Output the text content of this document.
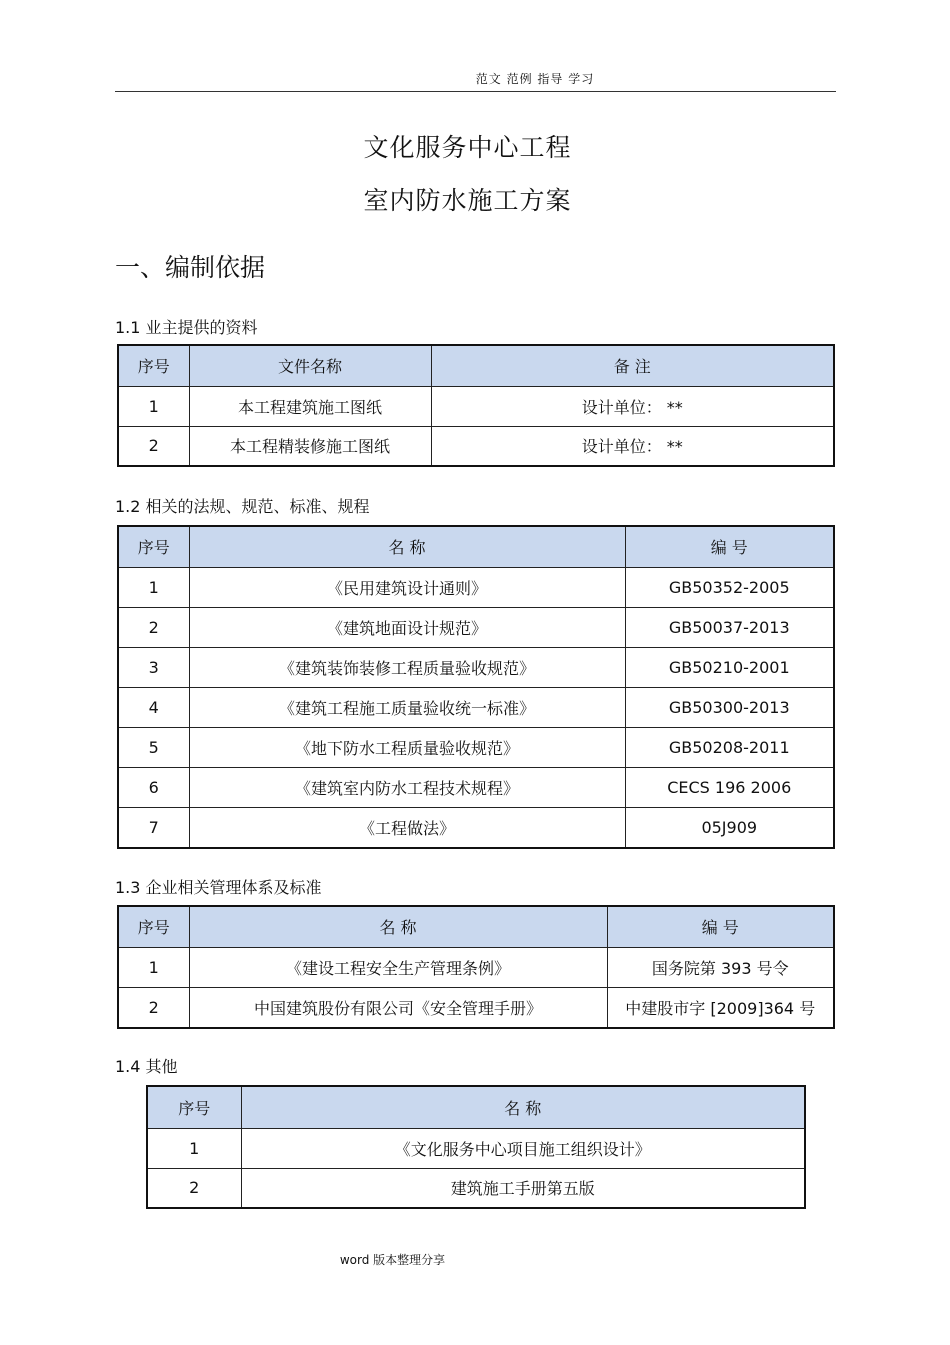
范文 范例 指导 学习
文化服务中心工程
室内防水施工方案
一、编制依据
1.1 业主提供的资料
序号	文件名称	备 注
1	本工程建筑施工图纸	设计单位： **
2	本工程精装修施工图纸	设计单位： **
1.2 相关的法规、规范、标准、规程
序号	名 称	编 号
1	《民用建筑设计通则》	GB50352-2005
2	《建筑地面设计规范》	GB50037-2013
3	《建筑装饰装修工程质量验收规范》	GB50210-2001
4	《建筑工程施工质量验收统一标准》	GB50300-2013
5	《地下防水工程质量验收规范》	GB50208-2011
6	《建筑室内防水工程技术规程》	CECS 196 2006
7	《工程做法》	05J909
1.3 企业相关管理体系及标准
序号	名 称	编 号
1	《建设工程安全生产管理条例》	国务院第 393 号令
2	中国建筑股份有限公司《安全管理手册》	中建股市字 [2009]364 号
1.4 其他
序号	名 称
1	《文化服务中心项目施工组织设计》
2	建筑施工手册第五版
word 版本整理分享
